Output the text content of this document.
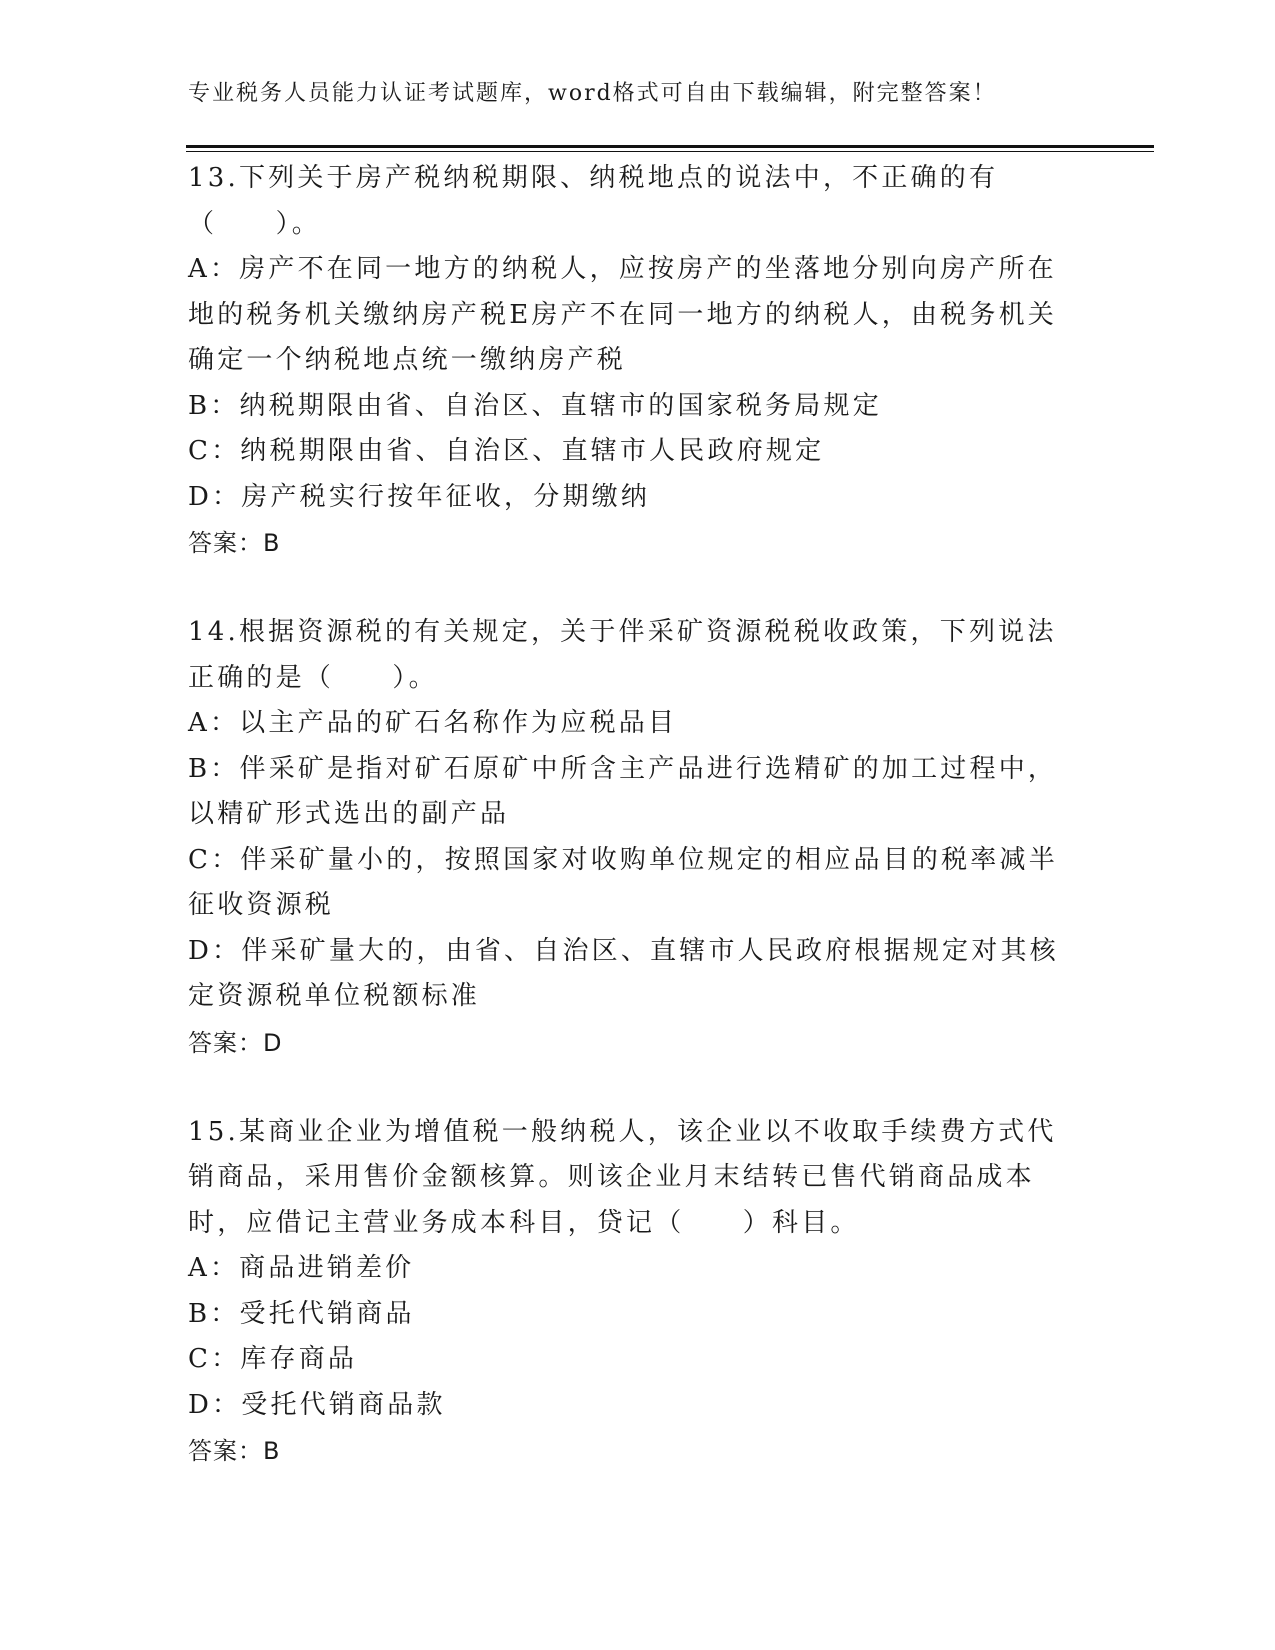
专业税务人员能力认证考试题库，word格式可自由下载编辑，附完整答案！

13.下列关于房产税纳税期限、纳税地点的说法中，不正确的有（　　）。

A：房产不在同一地方的纳税人，应按房产的坐落地分别向房产所在地的税务机关缴纳房产税E房产不在同一地方的纳税人，由税务机关确定一个纳税地点统一缴纳房产税

B：纳税期限由省、自治区、直辖市的国家税务局规定

C：纳税期限由省、自治区、直辖市人民政府规定

D：房产税实行按年征收，分期缴纳

答案：B

14.根据资源税的有关规定，关于伴采矿资源税税收政策，下列说法正确的是（　　）。

A：以主产品的矿石名称作为应税品目

B：伴采矿是指对矿石原矿中所含主产品进行选精矿的加工过程中，以精矿形式选出的副产品

C：伴采矿量小的，按照国家对收购单位规定的相应品目的税率减半征收资源税

D：伴采矿量大的，由省、自治区、直辖市人民政府根据规定对其核定资源税单位税额标准

答案：D

15.某商业企业为增值税一般纳税人，该企业以不收取手续费方式代销商品，采用售价金额核算。则该企业月末结转已售代销商品成本时，应借记主营业务成本科目，贷记（　　）科目。

A：商品进销差价

B：受托代销商品

C：库存商品

D：受托代销商品款

答案：B
